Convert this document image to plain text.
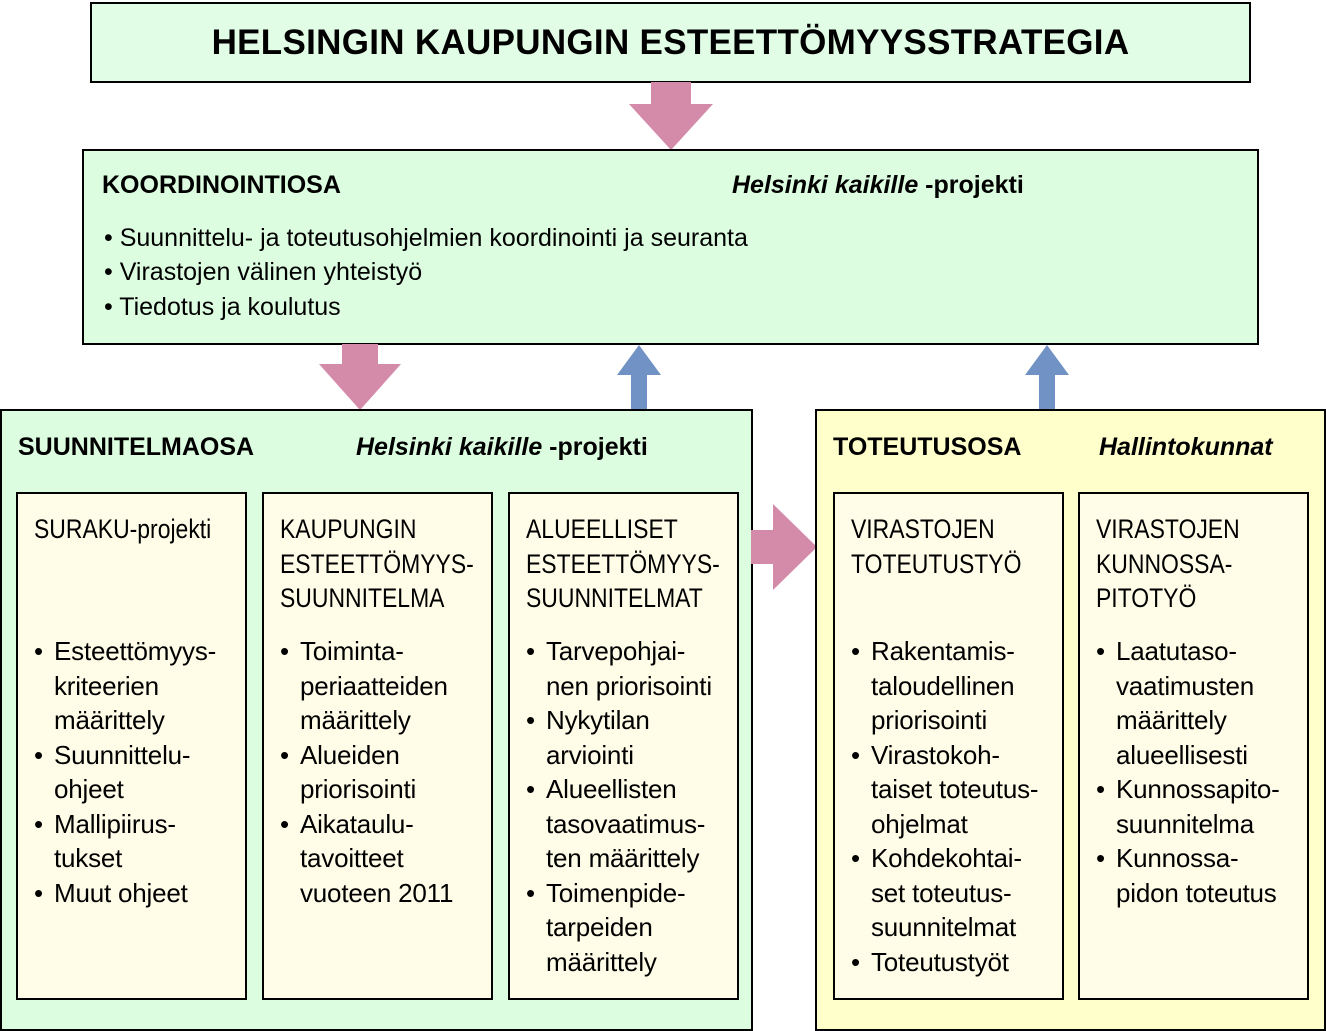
HELSINGIN KAUPUNGIN ESTEETTÖMYYSSTRATEGIA
KOORDINOINTIOSA	Helsinki kaikille -projekti
• Suunnittelu- ja toteutusohjelmien koordinointi ja seuranta
• Virastojen välinen yhteistyö
• Tiedotus ja koulutus
SUUNNITELMAOSA	Helsinki kaikille -projekti
SURAKU-projekti
• Esteettömyys-
kriteerien
määrittely
• Suunnittelu-
ohjeet
• Mallipiirus-
tukset
• Muut ohjeet
KAUPUNGIN
ESTEETTÖMYYS-
SUUNNITELMA
• Toiminta-
periaatteiden
määrittely
• Alueiden
priorisointi
• Aikataulu-
tavoitteet
vuoteen 2011
ALUEELLISET
ESTEETTÖMYYS-
SUUNNITELMAT
• Tarvepohjai-
nen priorisointi
• Nykytilan
arviointi
• Alueellisten
tasovaatimus-
ten määrittely
• Toimenpide-
tarpeiden
määrittely
TOTEUTUSOSA	Hallintokunnat
VIRASTOJEN
TOTEUTUSTYÖ
• Rakentamis-
taloudellinen
priorisointi
• Virastokoh-
taiset toteutus-
ohjelmat
• Kohdekohtai-
set toteutus-
suunnitelmat
• Toteutustyöt
VIRASTOJEN
KUNNOSSA-
PITOTYÖ
• Laatutaso-
vaatimusten
määrittely
alueellisesti
• Kunnossapito-
suunnitelma
• Kunnossa-
pidon toteutus
